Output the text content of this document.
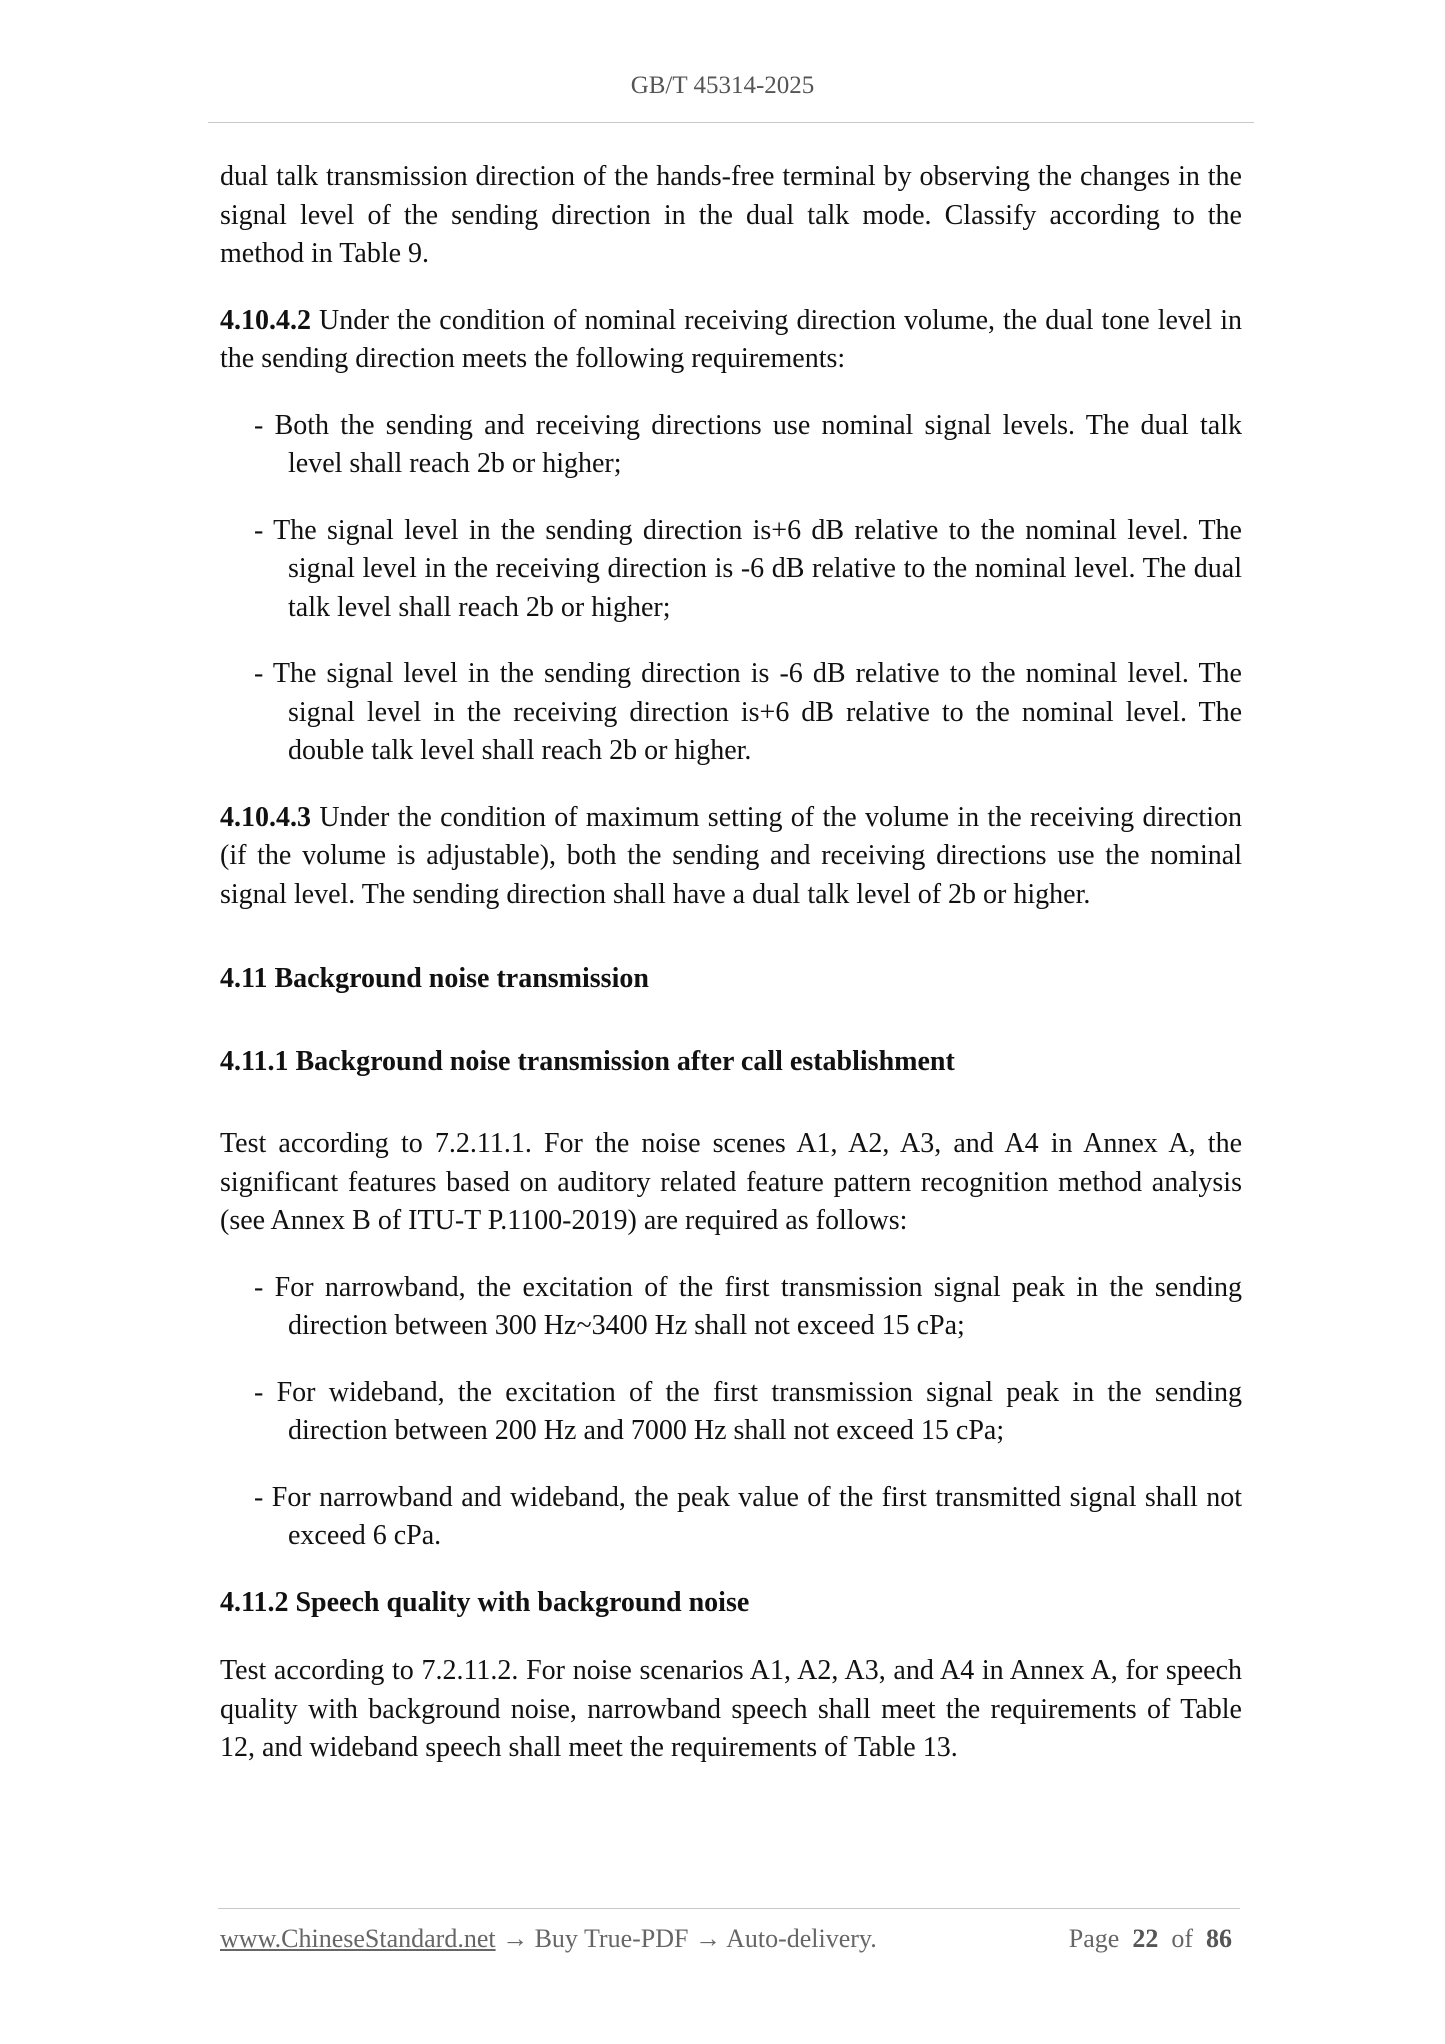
GB/T 45314-2025

dual talk transmission direction of the hands-free terminal by observing the changes in the signal level of the sending direction in the dual talk mode. Classify according to the method in Table 9.

4.10.4.2 Under the condition of nominal receiving direction volume, the dual tone level in the sending direction meets the following requirements:

- Both the sending and receiving directions use nominal signal levels. The dual talk level shall reach 2b or higher;

- The signal level in the sending direction is+6 dB relative to the nominal level. The signal level in the receiving direction is -6 dB relative to the nominal level. The dual talk level shall reach 2b or higher;

- The signal level in the sending direction is -6 dB relative to the nominal level. The signal level in the receiving direction is+6 dB relative to the nominal level. The double talk level shall reach 2b or higher.

4.10.4.3 Under the condition of maximum setting of the volume in the receiving direction (if the volume is adjustable), both the sending and receiving directions use the nominal signal level. The sending direction shall have a dual talk level of 2b or higher.

4.11 Background noise transmission

4.11.1 Background noise transmission after call establishment

Test according to 7.2.11.1. For the noise scenes A1, A2, A3, and A4 in Annex A, the significant features based on auditory related feature pattern recognition method analysis (see Annex B of ITU-T P.1100-2019) are required as follows:

- For narrowband, the excitation of the first transmission signal peak in the sending direction between 300 Hz~3400 Hz shall not exceed 15 cPa;

- For wideband, the excitation of the first transmission signal peak in the sending direction between 200 Hz and 7000 Hz shall not exceed 15 cPa;

- For narrowband and wideband, the peak value of the first transmitted signal shall not exceed 6 cPa.

4.11.2 Speech quality with background noise

Test according to 7.2.11.2. For noise scenarios A1, A2, A3, and A4 in Annex A, for speech quality with background noise, narrowband speech shall meet the requirements of Table 12, and wideband speech shall meet the requirements of Table 13.

www.ChineseStandard.net → Buy True-PDF → Auto-delivery.	Page 22 of 86
